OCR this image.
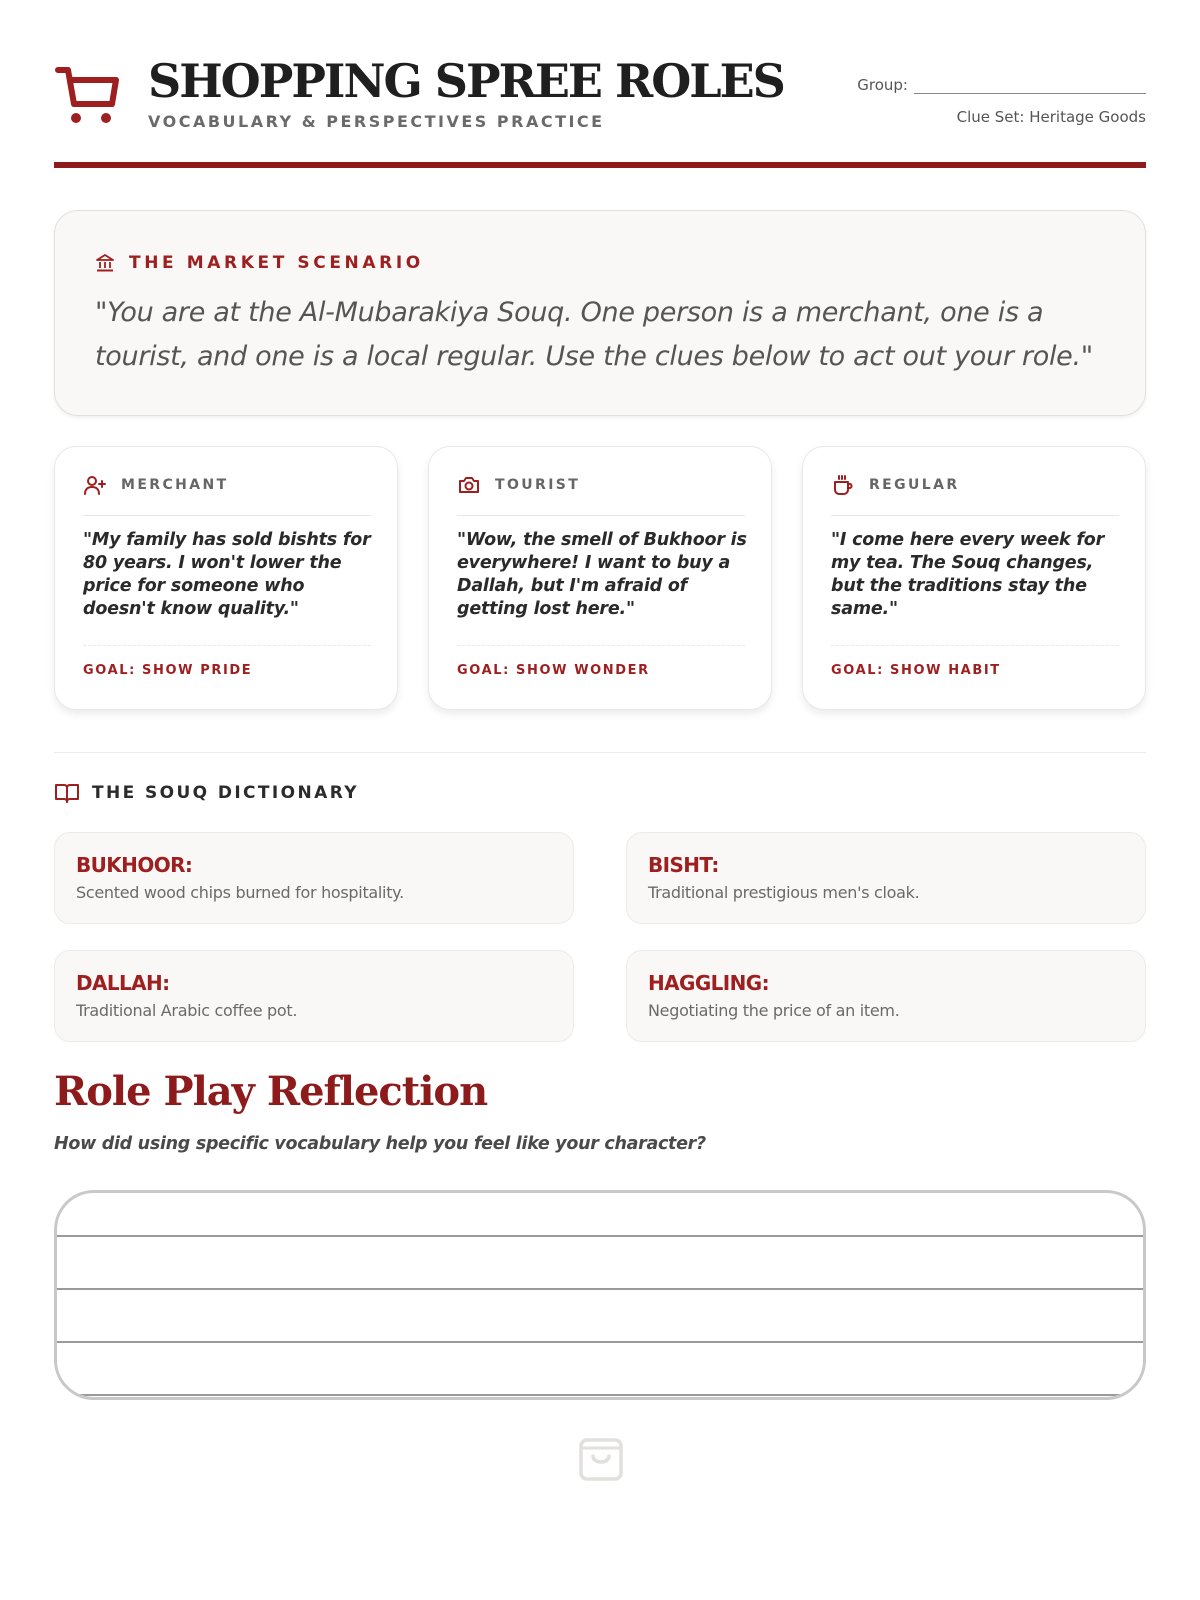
SHOPPING SPREE ROLES
VOCABULARY & PERSPECTIVES PRACTICE
Group:
Clue Set: Heritage Goods
THE MARKET SCENARIO
"You are at the Al-Mubarakiya Souq. One person is a merchant, one is a tourist, and one is a local regular. Use the clues below to act out your role."
MERCHANT
"My family has sold bishts for 80 years. I won't lower the price for someone who doesn't know quality."
GOAL: SHOW PRIDE
TOURIST
"Wow, the smell of Bukhoor is everywhere! I want to buy a Dallah, but I'm afraid of getting lost here."
GOAL: SHOW WONDER
REGULAR
"I come here every week for my tea. The Souq changes, but the traditions stay the same."
GOAL: SHOW HABIT
THE SOUQ DICTIONARY
BUKHOOR:
Scented wood chips burned for hospitality.
BISHT:
Traditional prestigious men's cloak.
DALLAH:
Traditional Arabic coffee pot.
HAGGLING:
Negotiating the price of an item.
Role Play Reflection
How did using specific vocabulary help you feel like your character?
